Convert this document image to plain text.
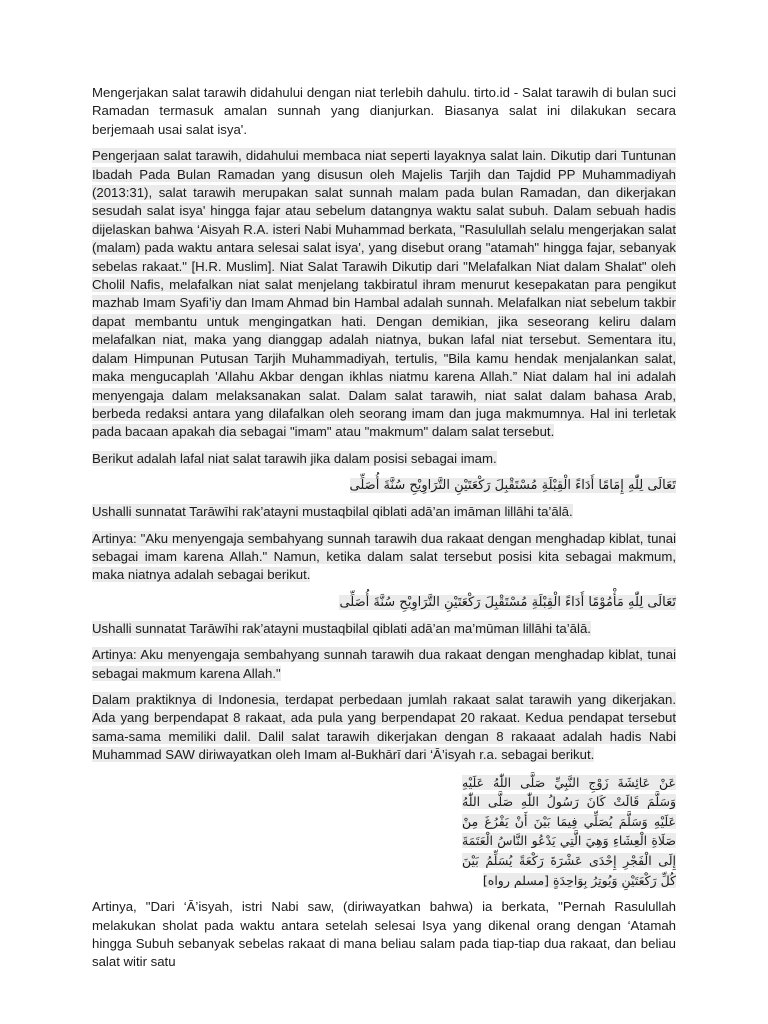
Mengerjakan salat tarawih didahului dengan niat terlebih dahulu. tirto.id - Salat tarawih di bulan suci Ramadan termasuk amalan sunnah yang dianjurkan. Biasanya salat ini dilakukan secara berjemaah usai salat isya'.

Pengerjaan salat tarawih, didahului membaca niat seperti layaknya salat lain. Dikutip dari Tuntunan Ibadah Pada Bulan Ramadan yang disusun oleh Majelis Tarjih dan Tajdid PP Muhammadiyah (2013:31), salat tarawih merupakan salat sunnah malam pada bulan Ramadan, dan dikerjakan sesudah salat isya' hingga fajar atau sebelum datangnya waktu salat subuh. Dalam sebuah hadis dijelaskan bahwa ‘Aisyah R.A. isteri Nabi Muhammad berkata, "Rasulullah selalu mengerjakan salat (malam) pada waktu antara selesai salat isya', yang disebut orang "atamah" hingga fajar, sebanyak sebelas rakaat." [H.R. Muslim]. Niat Salat Tarawih Dikutip dari "Melafalkan Niat dalam Shalat" oleh Cholil Nafis, melafalkan niat salat menjelang takbiratul ihram menurut kesepakatan para pengikut mazhab Imam Syafi’iy dan Imam Ahmad bin Hambal adalah sunnah. Melafalkan niat sebelum takbir dapat membantu untuk mengingatkan hati. Dengan demikian, jika seseorang keliru dalam melafalkan niat, maka yang dianggap adalah niatnya, bukan lafal niat tersebut. Sementara itu, dalam Himpunan Putusan Tarjih Muhammadiyah, tertulis, "Bila kamu hendak menjalankan salat, maka mengucaplah 'Allahu Akbar dengan ikhlas niatmu karena Allah.” Niat dalam hal ini adalah menyengaja dalam melaksanakan salat. Dalam salat tarawih, niat salat dalam bahasa Arab, berbeda redaksi antara yang dilafalkan oleh seorang imam dan juga makmumnya. Hal ini terletak pada bacaan apakah dia sebagai "imam" atau "makmum" dalam salat tersebut.

Berikut adalah lafal niat salat tarawih jika dalam posisi sebagai imam.

تَعَالَى لِلّٰهِ إِمَامًا أَدَاءً الْقِبْلَةِ مُسْتَقْبِلَ رَكْعَتَيْنِ التَّرَاوِيْحِ سُنَّةَ أُصَلِّى

Ushalli sunnatat Tarāwīhi rak’atayni mustaqbilal qiblati adā’an imāman lillāhi ta’ālā.

Artinya: "Aku menyengaja sembahyang sunnah tarawih dua rakaat dengan menghadap kiblat, tunai sebagai imam karena Allah." Namun, ketika dalam salat tersebut posisi kita sebagai makmum, maka niatnya adalah sebagai berikut.

تَعَالَى لِلّٰهِ مَأْمُوْمًا أَدَاءً الْقِبْلَةِ مُسْتَقْبِلَ رَكْعَتَيْنِ التَّرَاوِيْحِ سُنَّةَ أُصَلِّى

Ushalli sunnatat Tarāwīhi rak’atayni mustaqbilal qiblati adā’an ma’mūman lillāhi ta’ālā.

Artinya: Aku menyengaja sembahyang sunnah tarawih dua rakaat dengan menghadap kiblat, tunai sebagai makmum karena Allah."

Dalam praktiknya di Indonesia, terdapat perbedaan jumlah rakaat salat tarawih yang dikerjakan. Ada yang berpendapat 8 rakaat, ada pula yang berpendapat 20 rakaat. Kedua pendapat tersebut sama-sama memiliki dalil. Dalil salat tarawih dikerjakan dengan 8 rakaaat adalah hadis Nabi Muhammad SAW diriwayatkan oleh Imam al-Bukhārī dari ‘Ā’isyah r.a. sebagai berikut.

عَنْ عَائِشَةَ زَوْجِ النَّبِيِّ صَلَّى اللّٰهُ عَلَيْهِ وَسَلَّمَ قَالَتْ كَانَ رَسُولُ اللّٰهِ صَلَّى اللّٰهُ عَلَيْهِ وَسَلَّمَ يُصَلِّي فِيمَا بَيْنَ أَنْ يَفْرُغَ مِنْ صَلَاةِ الْعِشَاءِ وَهِيَ الَّتِي يَدْعُو النَّاسُ الْعَتَمَةَ إِلَى الْفَجْرِ إِحْدَى عَشْرَةَ رَكْعَةً يُسَلِّمُ بَيْنَ كُلِّ رَكْعَتَيْنِ وَيُوتِرُ بِوَاحِدَةٍ [مسلم رواه]

Artinya, "Dari ‘Ā’isyah, istri Nabi saw, (diriwayatkan bahwa) ia berkata, "Pernah Rasulullah melakukan sholat pada waktu antara setelah selesai Isya yang dikenal orang dengan ‘Atamah hingga Subuh sebanyak sebelas rakaat di mana beliau salam pada tiap-tiap dua rakaat, dan beliau salat witir satu
